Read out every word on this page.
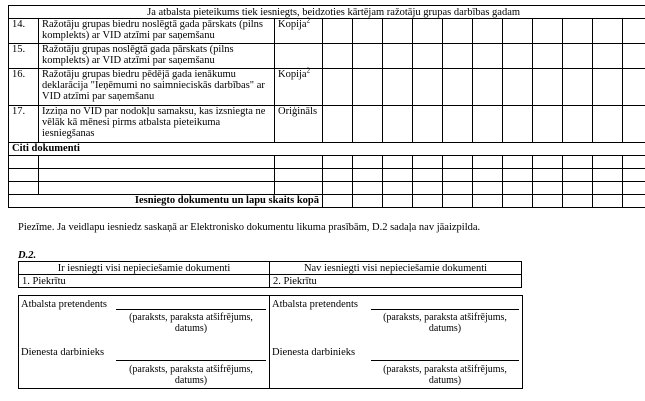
Ja atbalsta pieteikums tiek iesniegts, beidzoties kārtējam ražotāju grupas darbības gadam													
14.	Ražotāju grupas biedru noslēgtā gada pārskats (pilns komplekts) ar VID atzīmi par saņemšanu	Kopija$^2$											
15.	Ražotāju grupas noslēgtā gada pārskats (pilns komplekts) ar VID atzīmi par saņemšanu												
16.	Ražotāju grupas biedru pēdējā gada ienākumu deklarācija "Ieņēmumi no saimnieciskās darbības" ar VID atzīmi par saņemšanu	Kopija$^2$											
17.	Izziņa no VID par nodokļu samaksu, kas izsniegta ne vēlāk kā mēnesi pirms atbalsta pieteikuma iesniegšanas	Oriģināls											
Citi dokumenti													

Iesniegto dokumentu un lapu skaits kopā													
Piezīme. Ja veidlapu iesniedz saskaņā ar Elektronisko dokumentu likuma prasībām, D.2 sadaļa nav jāaizpilda.
D.2.
Ir iesniegti visi nepieciešamie dokumenti	Nav iesniegti visi nepieciešamie dokumenti
1. Piekrītu	2. Piekrītu
Atbalsta pretendents
(paraksts, paraksta atšifrējums,
datums)
Dienesta darbinieks
(paraksts, paraksta atšifrējums,
datums)
Atbalsta pretendents
(paraksts, paraksta atšifrējums,
datums)
Dienesta darbinieks
(paraksts, paraksta atšifrējums,
datums)
